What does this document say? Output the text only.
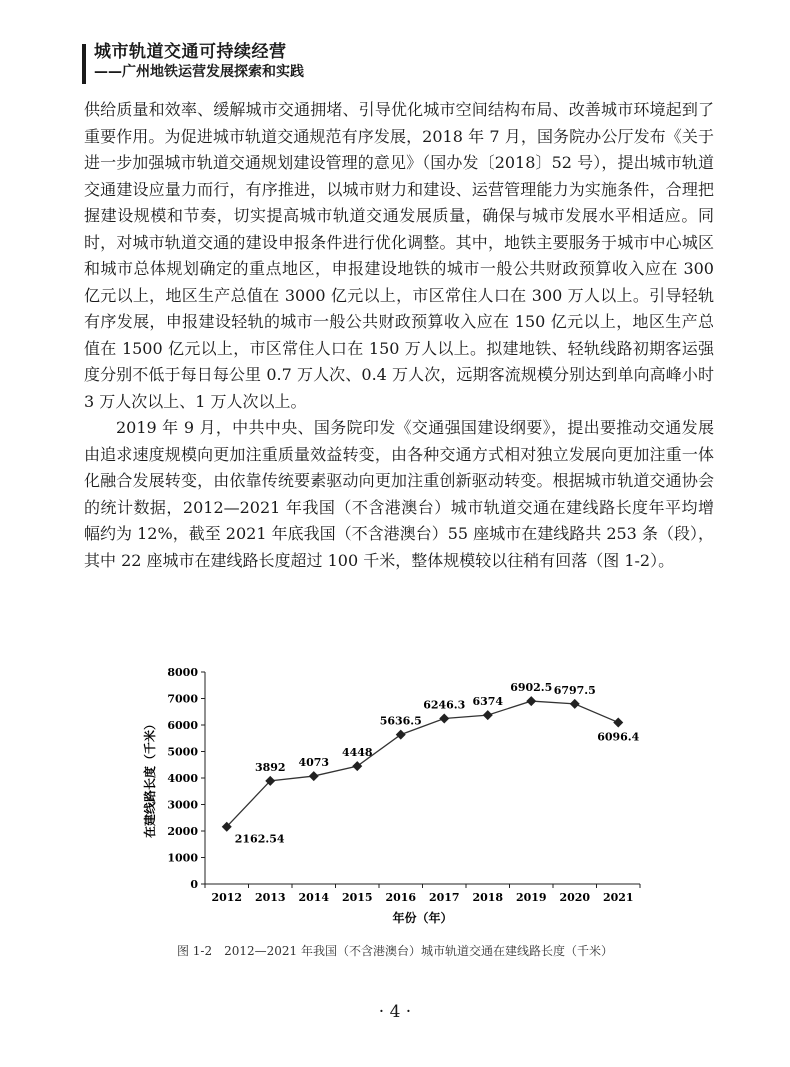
城市轨道交通可持续经营
——广州地铁运营发展探索和实践

供给质量和效率、缓解城市交通拥堵、引导优化城市空间结构布局、改善城市环境起到了重要作用。为促进城市轨道交通规范有序发展，2018 年 7 月，国务院办公厅发布《关于进一步加强城市轨道交通规划建设管理的意见》（国办发〔2018〕52 号），提出城市轨道交通建设应量力而行，有序推进，以城市财力和建设、运营管理能力为实施条件，合理把握建设规模和节奏，切实提高城市轨道交通发展质量，确保与城市发展水平相适应。同时，对城市轨道交通的建设申报条件进行优化调整。其中，地铁主要服务于城市中心城区和城市总体规划确定的重点地区，申报建设地铁的城市一般公共财政预算收入应在 300 亿元以上，地区生产总值在 3000 亿元以上，市区常住人口在 300 万人以上。引导轻轨有序发展，申报建设轻轨的城市一般公共财政预算收入应在 150 亿元以上，地区生产总值在 1500 亿元以上，市区常住人口在 150 万人以上。拟建地铁、轻轨线路初期客运强度分别不低于每日每公里 0.7 万人次、0.4 万人次，远期客流规模分别达到单向高峰小时 3 万人次以上、1 万人次以上。

2019 年 9 月，中共中央、国务院印发《交通强国建设纲要》，提出要推动交通发展由追求速度规模向更加注重质量效益转变，由各种交通方式相对独立发展向更加注重一体化融合发展转变，由依靠传统要素驱动向更加注重创新驱动转变。根据城市轨道交通协会的统计数据，2012—2021 年我国（不含港澳台）城市轨道交通在建线路长度年平均增幅约为 12%，截至 2021 年底我国（不含港澳台）55 座城市在建线路共 253 条（段），其中 22 座城市在建线路长度超过 100 千米，整体规模较以往稍有回落（图 1-2）。

0
1000
2000
3000
4000
5000
6000
7000
8000
2012 2013 2014 2015 2016 2017 2018 2019 2020 2021
2162.54
3892 4073
4448
5636.5
6246.3 6374
6902.5 6797.5
6096.4
在建线路长度（千米）
年份（年）
图 1-2　2012—2021 年我国（不含港澳台）城市轨道交通在建线路长度（千米）
· 4 ·
